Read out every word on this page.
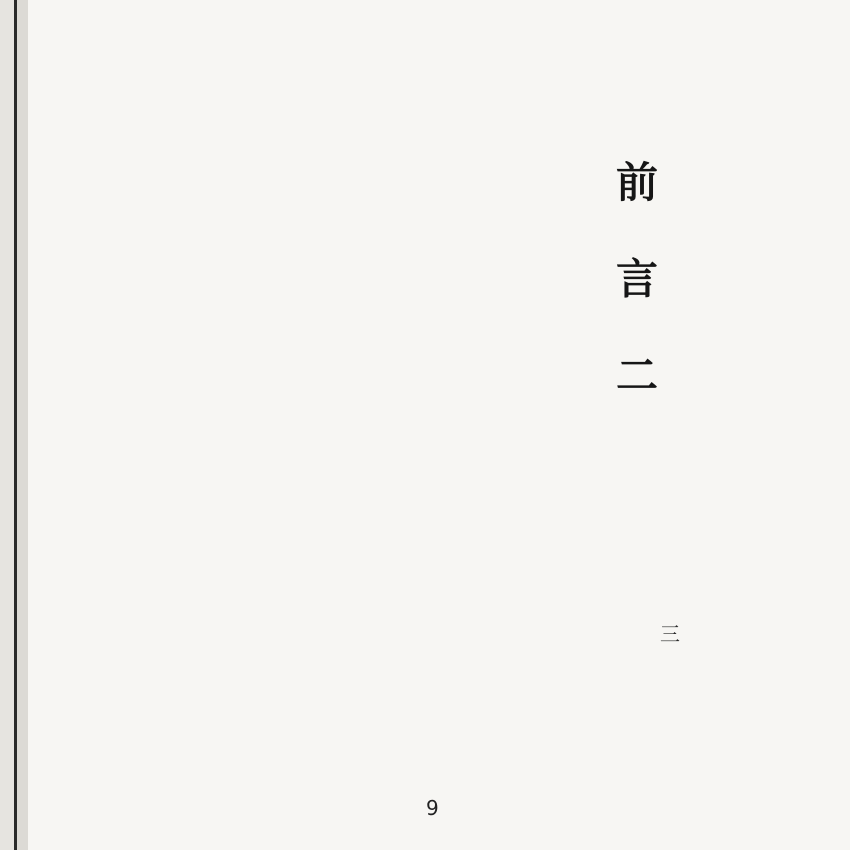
前 言 二
三
9
